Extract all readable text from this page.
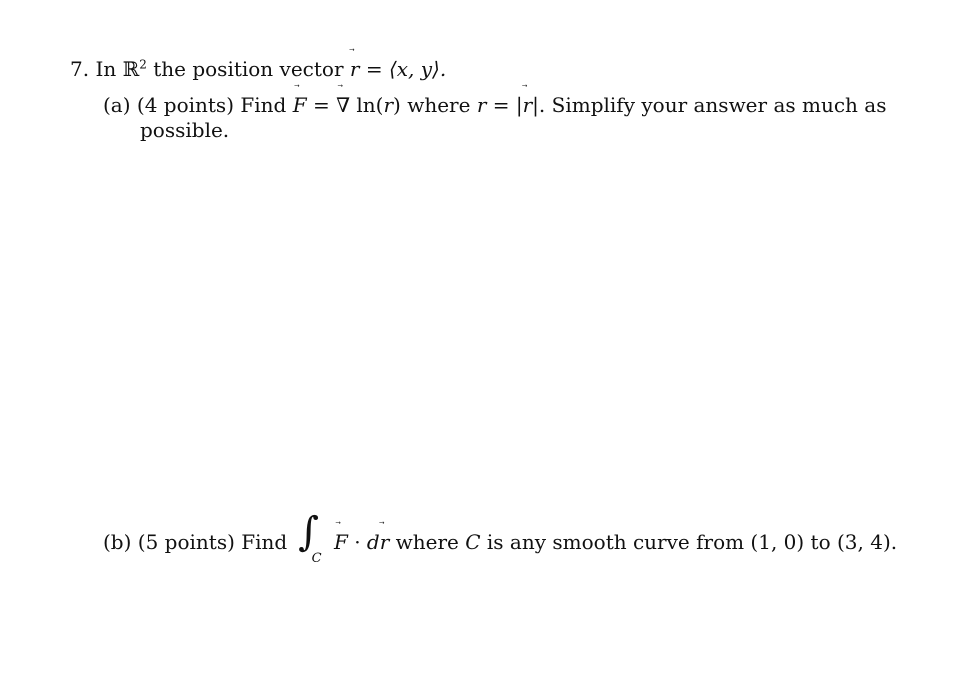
7. In ℝ$^2$ the position vector r = ⟨x, y⟩.
(a) (4 points) Find F = ∇ ln(r) where r = |
r|. Simplify your answer as much as
possible.
(b) (5 points) Find ∫
C

F · d
r where C is any smooth curve from (1, 0) to (3, 4).
